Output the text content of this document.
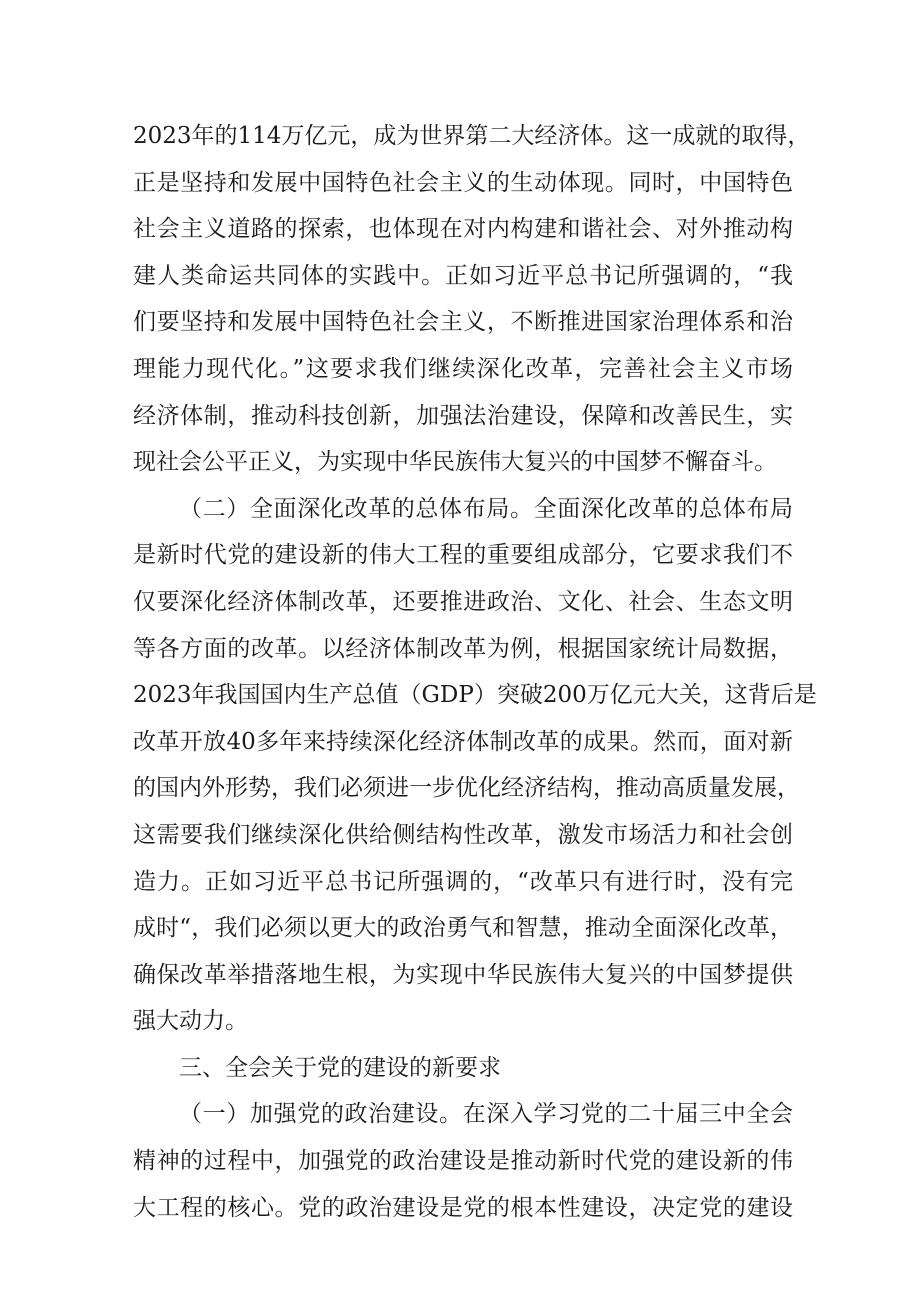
2023年的114万亿元，成为世界第二大经济体。这一成就的取得，
正是坚持和发展中国特色社会主义的生动体现。同时，中国特色
社会主义道路的探索，也体现在对内构建和谐社会、对外推动构
建人类命运共同体的实践中。正如习近平总书记所强调的，“我
们要坚持和发展中国特色社会主义，不断推进国家治理体系和治
理能力现代化。”这要求我们继续深化改革，完善社会主义市场
经济体制，推动科技创新，加强法治建设，保障和改善民生，实
现社会公平正义，为实现中华民族伟大复兴的中国梦不懈奋斗。
（二）全面深化改革的总体布局。全面深化改革的总体布局
是新时代党的建设新的伟大工程的重要组成部分，它要求我们不
仅要深化经济体制改革，还要推进政治、文化、社会、生态文明
等各方面的改革。以经济体制改革为例，根据国家统计局数据，
2023年我国国内生产总值（GDP）突破200万亿元大关，这背后是
改革开放40多年来持续深化经济体制改革的成果。然而，面对新
的国内外形势，我们必须进一步优化经济结构，推动高质量发展，
这需要我们继续深化供给侧结构性改革，激发市场活力和社会创
造力。正如习近平总书记所强调的，“改革只有进行时，没有完
成时“，我们必须以更大的政治勇气和智慧，推动全面深化改革，
确保改革举措落地生根，为实现中华民族伟大复兴的中国梦提供
强大动力。
三、全会关于党的建设的新要求
（一）加强党的政治建设。在深入学习党的二十届三中全会
精神的过程中，加强党的政治建设是推动新时代党的建设新的伟
大工程的核心。党的政治建设是党的根本性建设，决定党的建设
